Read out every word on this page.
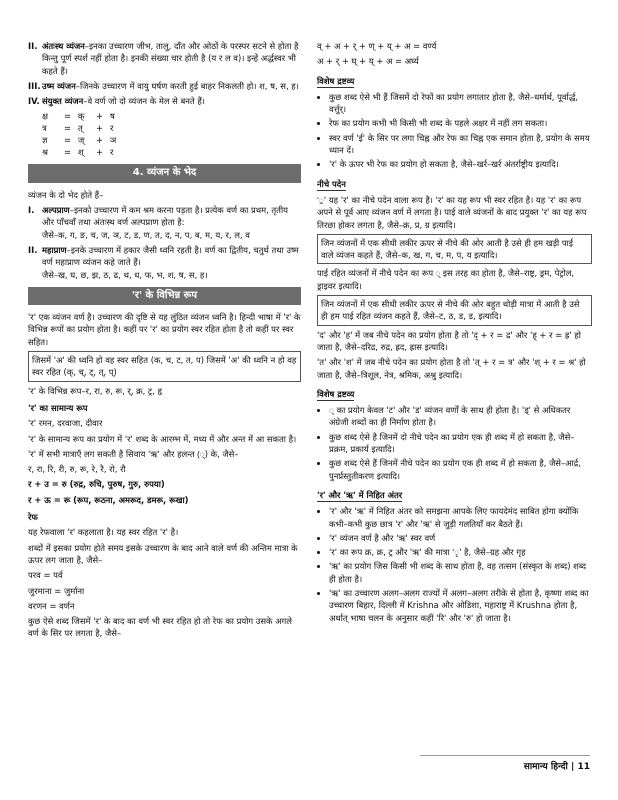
II. अंतःस्थ व्यंजन–इनका उच्चारण जीभ, तालु, दाँत और ओठों के परस्पर सटने से होता है किन्तु पूर्ण स्पर्श नहीं होता है। इनकी संख्या चार होती है (य र ल व)। इन्हें अर्द्धस्वर भी कहते हैं।
III. उष्म व्यंजन–जिनके उच्चारण में वायु घर्षण करती हुई बाहर निकलती हो। श, ष, स, ह।
IV. संयुक्त व्यंजन–वे वर्ण जो दो व्यंजन के मेल से बनते हैं।
क्ष	= क्	+ ष
त्र	= त्	+ र
ज्ञ	= ज्	+ ञ
श्र	= श्	+ र
4. व्यंजन के भेद

व्यंजन के दो भेद होते हैं–

I. अल्पप्राण–इनको उच्चारण में कम श्रम करना पड़ता है। प्रत्येक वर्ण का प्रथम, तृतीय और पाँचवाँ तथा अंतःस्थ वर्ण अल्पप्राण होता है:
जैसे–क, ग, ङ, च, ज, ञ, ट, ड, ण, त, द, न, प, ब, म, य, र, ल, व
II. महाप्राण–इनके उच्चारण में हकार जैसी ध्वनि रहती है। वर्ण का द्वितीय, चतुर्थ तथा उष्म वर्ण महाप्राण व्यंजन कहे जाते हैं।
जैसे–ख, घ, छ, झ, ठ, ढ, थ, ध, फ, भ, श, ष, स, ह।
'र' के विभिन्न रूप

'र' एक व्यंजन वर्ण है। उच्चारण की दृष्टि से यह लुंठित व्यंजन ध्वनि है। हिन्दी भाषा में 'र' के विभिन्न रूपों का प्रयोग होता है। कहीं पर 'र' का प्रयोग स्वर रहित होता है तो कहीं पर स्वर सहित।

जिसमें 'अ' की ध्वनि हो वह स्वर सहित (क, च, ट, त, प) जिसमें 'अ' की ध्वनि न हो वह स्वर रहित (क्, च्, ट्, त्, प्)

'र' के विभिन्न रूप–र, रा, रु, रू, र्, क्र, ट्र, हृ

'र' का सामान्य रूप

'र' रमन, दरवाजा, दीवार

'र' के सामान्य रूप का प्रयोग में 'र' शब्द के आरम्भ में, मध्य में और अन्त में आ सकता है।

'र' में सभी मात्राएँ लग सकती है सिवाय 'ऋ' और हलन्त (्) के, जैसे–

र, रा, रि, री, रु, रू, रे, रै, रो, रौ

र + उ = रु (रुद्र, रुचि, पुरुष, गुरु, रुपया)

र + ऊ = रू (रूप, रूठना, अमरूद, डमरू, रूखा)

रेफ

यह रेफवाला 'र' कहलाता है। यह स्वर रहित 'र' है।

शब्दों में इसका प्रयोग होते समय इसके उच्चारण के बाद आने वाले वर्ण की अन्तिम मात्रा के ऊपर लग जाता है, जैसे–

परव = पर्व

जुरमाना = जुर्माना

वरणन = वर्णन

कुछ ऐसे शब्द जिसमें 'र' के बाद का वर्ण भी स्वर रहित हो तो रेफ का प्रयोग उसके अगले वर्ण के सिर पर लगता है, जैसे–

व् + अ + र् + ण् + य् + अ = वर्ण्य

अ + र् + घ् + य् + अ = अर्घ्य

विशेष द्रष्टव्य
• कुछ शब्द ऐसे भी हैं जिसमें दो रेफों का प्रयोग लगातार होता है, जैसे–धर्मार्थ, पूर्वार्द्ध, वर्त्तुर्।
• रेफ का प्रयोग कभी भी किसी भी शब्द के पहले अक्षर में नहीं लग सकता।
• स्वर वर्ण 'ई' के सिर पर लगा चिह्न और रेफ का चिह्न एक समान होता है, प्रयोग के समय ध्यान दें।
• 'र' के ऊपर भी रेफ का प्रयोग हो सकता है, जैसे–खर्र–खर्र अंतर्राष्ट्रीय इत्यादि।
नीचे पदेन

'्र' यह 'र' का नीचे पदेन वाला रूप है। 'र' का यह रूप भी स्वर रहित है। यह 'र' का रूप अपने से पूर्व आए व्यंजन वर्ण में लगता है। पाई वाले व्यंजनों के बाद प्रयुक्त 'र' का यह रूप तिरछा होकर लगता है, जैसे–क्र, प्र, ग्र इत्यादि।

जिन व्यंजनों में एक सीधी लकीर ऊपर से नीचे की ओर आती है उसे ही हम खड़ी पाई वाले व्यंजन कहते हैं, जैसे–क, ख, ग, च, म, प, य इत्यादि।

पाई रहित व्यंजनों में नीचे पदेन का रूप ् इस तरह का होता है, जैसे–राष्ट्र, ड्रम, पेट्रोल, ड्राइवर इत्यादि।

जिन व्यंजनों में एक सीधी लकीर ऊपर से नीचे की ओर बहुत थोड़ी मात्रा में आती है उसे ही हम पाई रहित व्यंजन कहते हैं, जैसे–ट, ठ, ड, ड, इत्यादि।

'द' और 'ह' में जब नीचे पदेन का प्रयोग होता है तो 'द् + र = द्र' और 'ह् + र = ह्र' हो जाता है, जैसे–दरिद्र, रुद्र, ह्रद, ह्रास इत्यादि।

'त' और 'श' में जब नीचे पदेन का प्रयोग होता है तो 'त् + र = त्र' और 'श् + र = श्र' हो जाता है, जैसे–त्रिशूल, नेत्र, श्रमिक, अश्रु इत्यादि।

विशेष द्रष्टव्य
• ् का प्रयोग केवल 'ट' और 'ड' व्यंजन वर्णों के साथ ही होता है। 'ड्' से अधिकतर अंग्रेजी शब्दों का ही निर्माण होता है।
• कुछ शब्द ऐसे है जिनमें दो नीचे पदेन का प्रयोग एक ही शब्द में हो सकता है, जैसे–प्रक्रम, प्रकार्य इत्यादि।
• कुछ शब्द ऐसे हैं जिनमें नीचे पदेन का प्रयोग एक ही शब्द में हो सकता है, जैसे–आर्द्र, पुनर्प्रस्तुतीकरण इत्यादि।
'र' और 'ऋ' में निहित अंतर
• 'र' और 'ऋ' में निहित अंतर को समझना आपके लिए फायदेमंद साबित होगा क्योंकि कभी–कभी कुछ छात्र 'र' और 'ऋ' से जुड़ी गलतियाँ कर बैठते हैं।
• 'र' व्यंजन वर्ण है और 'ऋ' स्वर वर्ण
• 'र' का रूप क्र, क्र, ट्र और 'ऋ' की मात्रा 'ृ' है, जैसे–ग्रह और गृह
• 'ऋ' का प्रयोग जिस किसी भी शब्द के साथ होता है, वह तत्सम (संस्कृत के शब्द) शब्द ही होता है।
• 'ऋ' का उच्चारण अलग–अलग राज्यों में अलग–अलग तरीके से होता है, कृष्णा शब्द का उच्चारण बिहार, दिल्ली में Krishna और ओडिशा, महाराष्ट्र में Krushna होता है, अर्थात् भाषा चलन के अनुसार कहीं 'रि' और 'रु' हो जाता है।
सामान्य हिन्दी | 11
